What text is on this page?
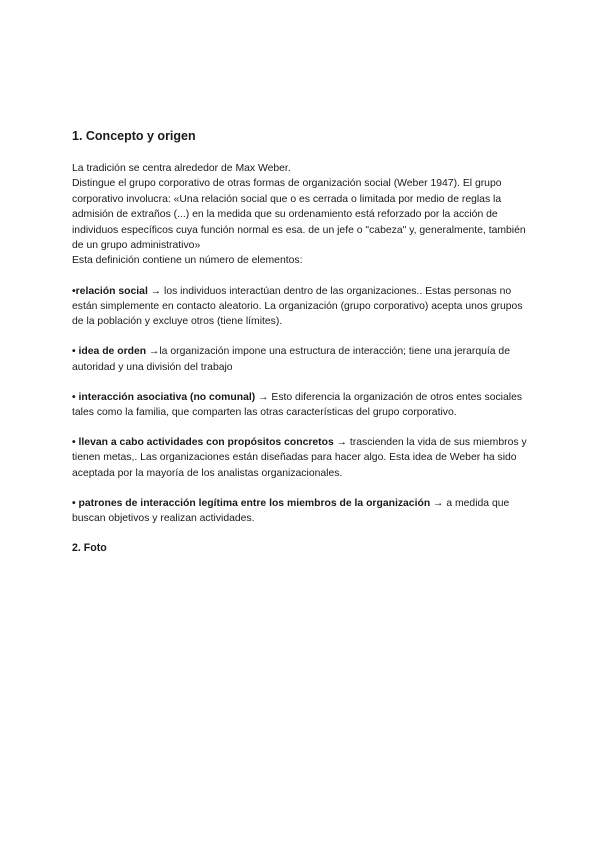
1. Concepto y origen

La tradición se centra alrededor de Max Weber.

Distingue el grupo corporativo de otras formas de organización social (Weber 1947). El grupo corporativo involucra: «Una relación social que o es cerrada o limitada por medio de reglas la admisión de extraños (...) en la medida que su ordenamiento está reforzado por la acción de individuos específicos cuya función normal es esa. de un jefe o "cabeza" y, generalmente, también de un grupo administrativo»

Esta definición contiene un número de elementos:

•relación social → los individuos interactúan dentro de las organizaciones.. Estas personas no están simplemente en contacto aleatorio. La organización (grupo corporativo) acepta unos grupos de la población y excluye otros (tiene límites).
• idea de orden →la organización impone una estructura de interacción; tiene una jerarquía de autoridad y una división del trabajo
• interacción asociativa (no comunal) → Esto diferencia la organización de otros entes sociales tales como la familia, que comparten las otras características del grupo corporativo.
• llevan a cabo actividades con propósitos concretos → trascienden la vida de sus miembros y tienen metas,. Las organizaciones están diseñadas para hacer algo. Esta idea de Weber ha sido aceptada por la mayoría de los analistas organizacionales.
• patrones de interacción legítima entre los miembros de la organización → a medida que buscan objetivos y realizan actividades.
2. Foto
